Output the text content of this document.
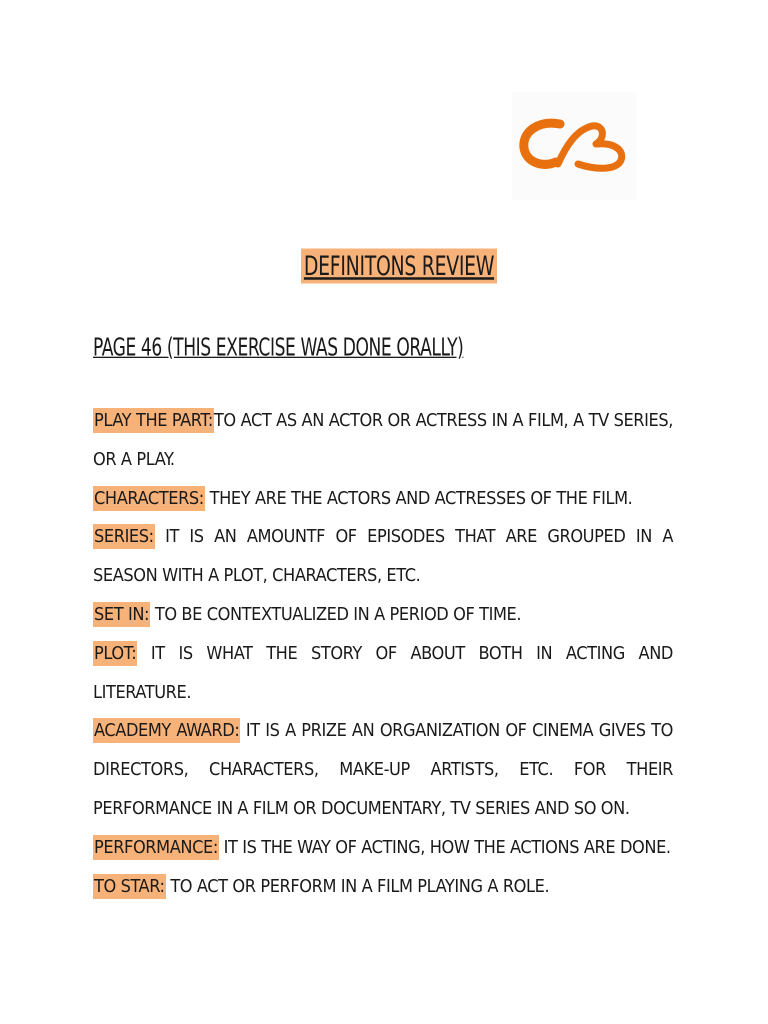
DEFINITONS REVIEW
PAGE 46 (THIS EXERCISE WAS DONE ORALLY)
PLAY THE PART:TO ACT AS AN ACTOR OR ACTRESS IN A FILM, A TV SERIES, OR A PLAY.
CHARACTERS: THEY ARE THE ACTORS AND ACTRESSES OF THE FILM.
SERIES: IT IS AN AMOUNTF OF EPISODES THAT ARE GROUPED IN A SEASON WITH A PLOT, CHARACTERS, ETC.
SET IN: TO BE CONTEXTUALIZED IN A PERIOD OF TIME.
PLOT: IT IS WHAT THE STORY OF ABOUT BOTH IN ACTING AND LITERATURE.
ACADEMY AWARD: IT IS A PRIZE AN ORGANIZATION OF CINEMA GIVES TO DIRECTORS, CHARACTERS, MAKE-UP ARTISTS, ETC. FOR THEIR PERFORMANCE IN A FILM OR DOCUMENTARY, TV SERIES AND SO ON.
PERFORMANCE: IT IS THE WAY OF ACTING, HOW THE ACTIONS ARE DONE.
TO STAR: TO ACT OR PERFORM IN A FILM PLAYING A ROLE.
